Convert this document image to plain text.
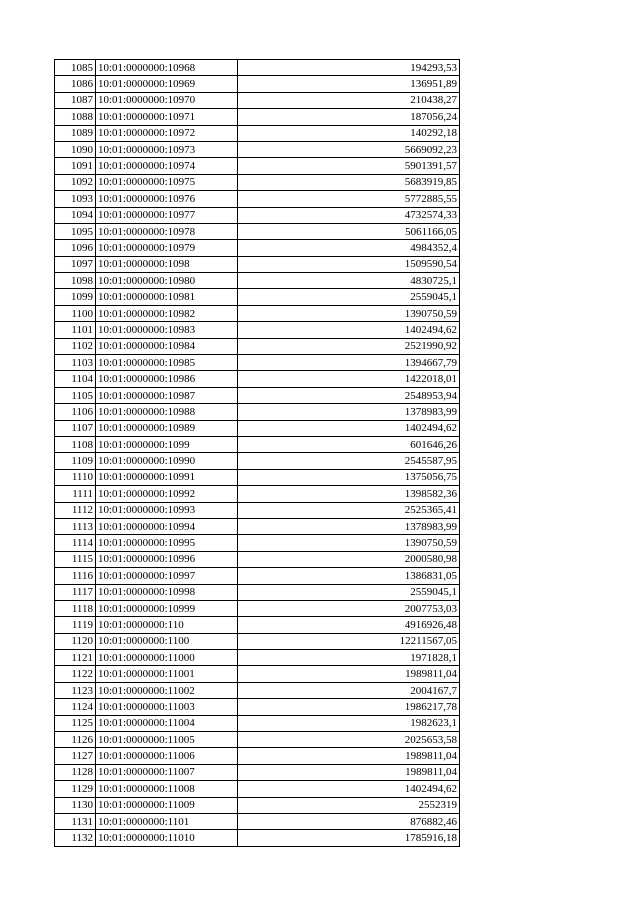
1085	10:01:0000000:10968	194293,53
1086	10:01:0000000:10969	136951,89
1087	10:01:0000000:10970	210438,27
1088	10:01:0000000:10971	187056,24
1089	10:01:0000000:10972	140292,18
1090	10:01:0000000:10973	5669092,23
1091	10:01:0000000:10974	5901391,57
1092	10:01:0000000:10975	5683919,85
1093	10:01:0000000:10976	5772885,55
1094	10:01:0000000:10977	4732574,33
1095	10:01:0000000:10978	5061166,05
1096	10:01:0000000:10979	4984352,4
1097	10:01:0000000:1098	1509590,54
1098	10:01:0000000:10980	4830725,1
1099	10:01:0000000:10981	2559045,1
1100	10:01:0000000:10982	1390750,59
1101	10:01:0000000:10983	1402494,62
1102	10:01:0000000:10984	2521990,92
1103	10:01:0000000:10985	1394667,79
1104	10:01:0000000:10986	1422018,01
1105	10:01:0000000:10987	2548953,94
1106	10:01:0000000:10988	1378983,99
1107	10:01:0000000:10989	1402494,62
1108	10:01:0000000:1099	601646,26
1109	10:01:0000000:10990	2545587,95
1110	10:01:0000000:10991	1375056,75
1111	10:01:0000000:10992	1398582,36
1112	10:01:0000000:10993	2525365,41
1113	10:01:0000000:10994	1378983,99
1114	10:01:0000000:10995	1390750,59
1115	10:01:0000000:10996	2000580,98
1116	10:01:0000000:10997	1386831,05
1117	10:01:0000000:10998	2559045,1
1118	10:01:0000000:10999	2007753,03
1119	10:01:0000000:110	4916926,48
1120	10:01:0000000:1100	12211567,05
1121	10:01:0000000:11000	1971828,1
1122	10:01:0000000:11001	1989811,04
1123	10:01:0000000:11002	2004167,7
1124	10:01:0000000:11003	1986217,78
1125	10:01:0000000:11004	1982623,1
1126	10:01:0000000:11005	2025653,58
1127	10:01:0000000:11006	1989811,04
1128	10:01:0000000:11007	1989811,04
1129	10:01:0000000:11008	1402494,62
1130	10:01:0000000:11009	2552319
1131	10:01:0000000:1101	876882,46
1132	10:01:0000000:11010	1785916,18
